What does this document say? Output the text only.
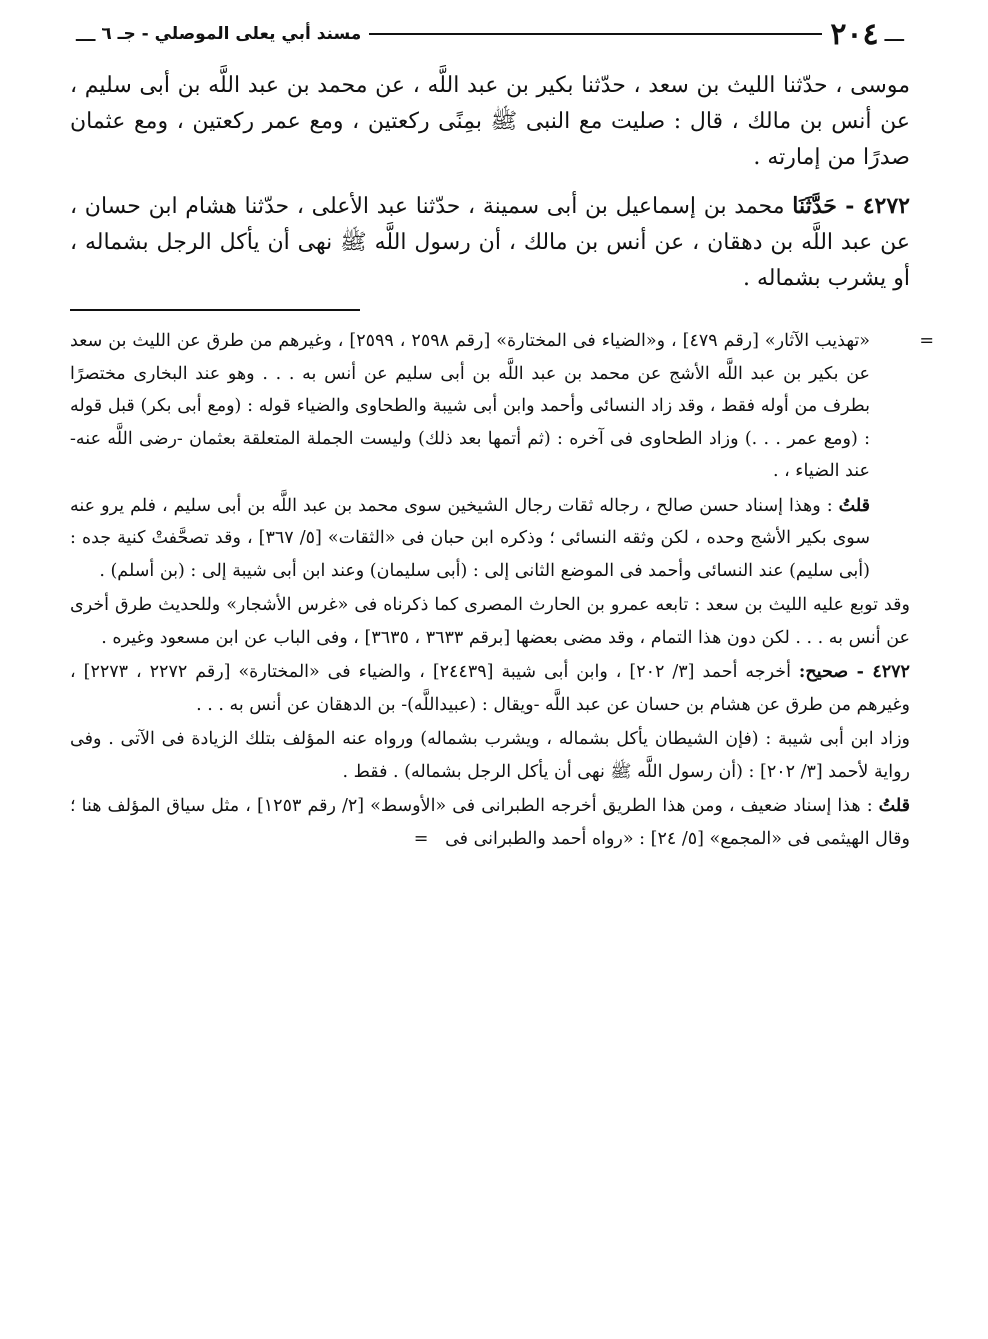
ـــ
٢٠٤
مسند أبي يعلى الموصلي - جـ ٦
ـــ

موسى ، حدّثنا الليث بن سعد ، حدّثنا بكير بن عبد اللَّه ، عن محمد بن عبد اللَّه بن أبى سليم ، عن أنس بن مالك ، قال : صليت مع النبى ﷺ بمِنًى ركعتين ، ومع عمر ركعتين ، ومع عثمان صدرًا من إمارته .

٤٢٧٢ - حَدَّثَنَا محمد بن إسماعيل بن أبى سمينة ، حدّثنا عبد الأعلى ، حدّثنا هشام ابن حسان ، عن عبد اللَّه بن دهقان ، عن أنس بن مالك ، أن رسول اللَّه ﷺ نهى أن يأكل الرجل بشماله ، أو يشرب بشماله .

=

«تهذيب الآثار» [رقم ٤٧٩] ، و«الضياء فى المختارة» [رقم ٢٥٩٨ ، ٢٥٩٩] ، وغيرهم من طرق عن الليث بن سعد عن بكير بن عبد اللَّه الأشج عن محمد بن عبد اللَّه بن أبى سليم عن أنس به . . . وهو عند البخارى مختصرًا بطرف من أوله فقط ، وقد زاد النسائى وأحمد وابن أبى شيبة والطحاوى والضياء قوله : (ومع أبى بكر) قبل قوله : (ومع عمر . . .) وزاد الطحاوى فى آخره : (ثم أتمها بعد ذلك) وليست الجملة المتعلقة بعثمان -رضى اللَّه عنه- عند الضياء ، .

قلتُ : وهذا إسناد حسن صالح ، رجاله ثقات رجال الشيخين سوى محمد بن عبد اللَّه بن أبى سليم ، فلم يرو عنه سوى بكير الأشج وحده ، لكن وثقه النسائى ؛ وذكره ابن حبان فى «الثقات» [٥/ ٣٦٧] ، وقد تصحَّفتْ كنية جده : (أبى سليم) عند النسائى وأحمد فى الموضع الثانى إلى : (أبى سليمان) وعند ابن أبى شيبة إلى : (بن أسلم) .

وقد توبع عليه الليث بن سعد : تابعه عمرو بن الحارث المصرى كما ذكرناه فى «غرس الأشجار» وللحديث طرق أخرى عن أنس به . . . لكن دون هذا التمام ، وقد مضى بعضها [برقم ٣٦٣٣ ، ٣٦٣٥] ، وفى الباب عن ابن مسعود وغيره .

٤٢٧٢ - صحيح: أخرجه أحمد [٣/ ٢٠٢] ، وابن أبى شيبة [٢٤٤٣٩] ، والضياء فى «المختارة» [رقم ٢٢٧٢ ، ٢٢٧٣] ، وغيرهم من طرق عن هشام بن حسان عن عبد اللَّه -ويقال : (عبيداللَّه)- بن الدهقان عن أنس به . . .

وزاد ابن أبى شيبة : (فإن الشيطان يأكل بشماله ، ويشرب بشماله) ورواه عنه المؤلف بتلك الزيادة فى الآتى . وفى رواية لأحمد [٣/ ٢٠٢] : (أن رسول اللَّه ﷺ نهى أن يأكل الرجل بشماله) . فقط .

قلتُ : هذا إسناد ضعيف ، ومن هذا الطريق أخرجه الطبرانى فى «الأوسط» [٢/ رقم ١٢٥٣] ، مثل سياق المؤلف هنا ؛ وقال الهيثمى فى «المجمع» [٥/ ٢٤] : «رواه أحمد والطبرانى فى   =
